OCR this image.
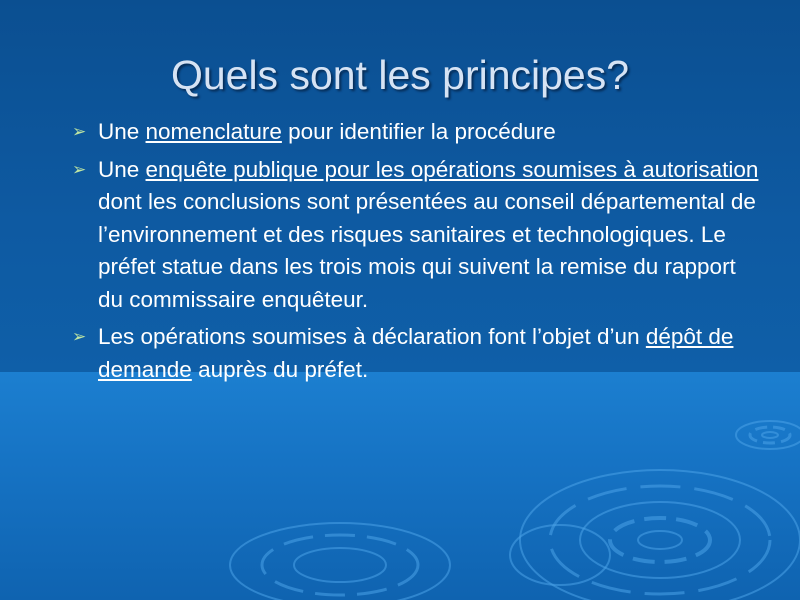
Quels sont les principes?
➢ Une nomenclature pour identifier la procédure
➢ Une enquête publique pour les opérations soumises à autorisation dont les conclusions sont présentées au conseil départemental de l’environnement et des risques sanitaires et technologiques. Le préfet statue dans les trois mois qui suivent la remise du rapport du commissaire enquêteur.
➢ Les opérations soumises à déclaration font l’objet d’un dépôt de demande auprès du préfet.
